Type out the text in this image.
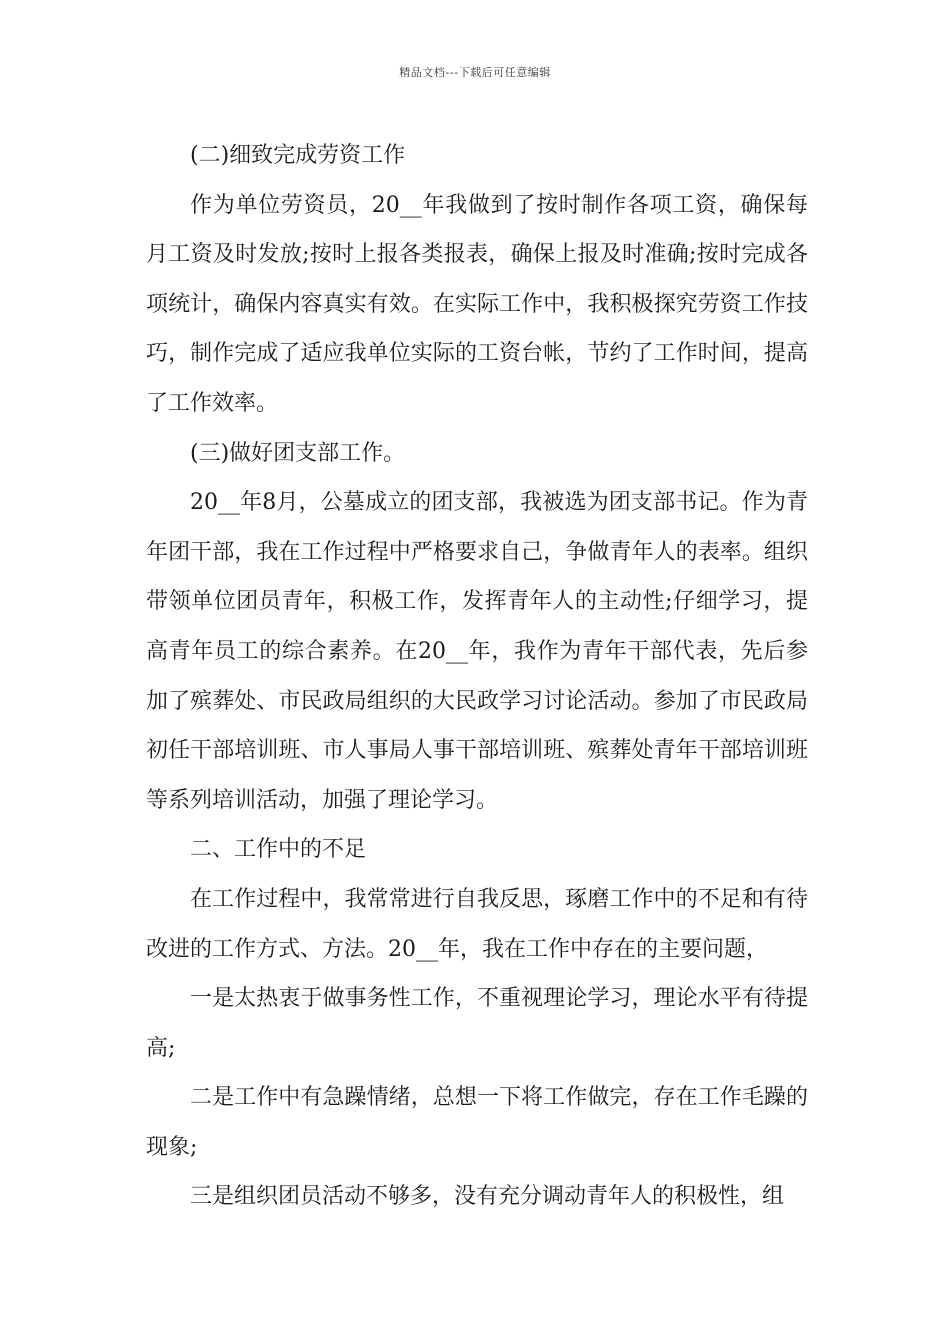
精品文档---下载后可任意编辑

(二)细致完成劳资工作

作为单位劳资员，20__年我做到了按时制作各项工资，确保每月工资及时发放;按时上报各类报表，确保上报及时准确;按时完成各项统计，确保内容真实有效。在实际工作中，我积极探究劳资工作技巧，制作完成了适应我单位实际的工资台帐，节约了工作时间，提高了工作效率。

(三)做好团支部工作。

20__年8月，公墓成立的团支部，我被选为团支部书记。作为青年团干部，我在工作过程中严格要求自己，争做青年人的表率。组织带领单位团员青年，积极工作，发挥青年人的主动性;仔细学习，提高青年员工的综合素养。在20__年，我作为青年干部代表，先后参加了殡葬处、市民政局组织的大民政学习讨论活动。参加了市民政局初任干部培训班、市人事局人事干部培训班、殡葬处青年干部培训班等系列培训活动，加强了理论学习。

二、工作中的不足

在工作过程中，我常常进行自我反思，琢磨工作中的不足和有待改进的工作方式、方法。20__年，我在工作中存在的主要问题，

一是太热衷于做事务性工作，不重视理论学习，理论水平有待提高;

二是工作中有急躁情绪，总想一下将工作做完，存在工作毛躁的现象;

三是组织团员活动不够多，没有充分调动青年人的积极性，组
